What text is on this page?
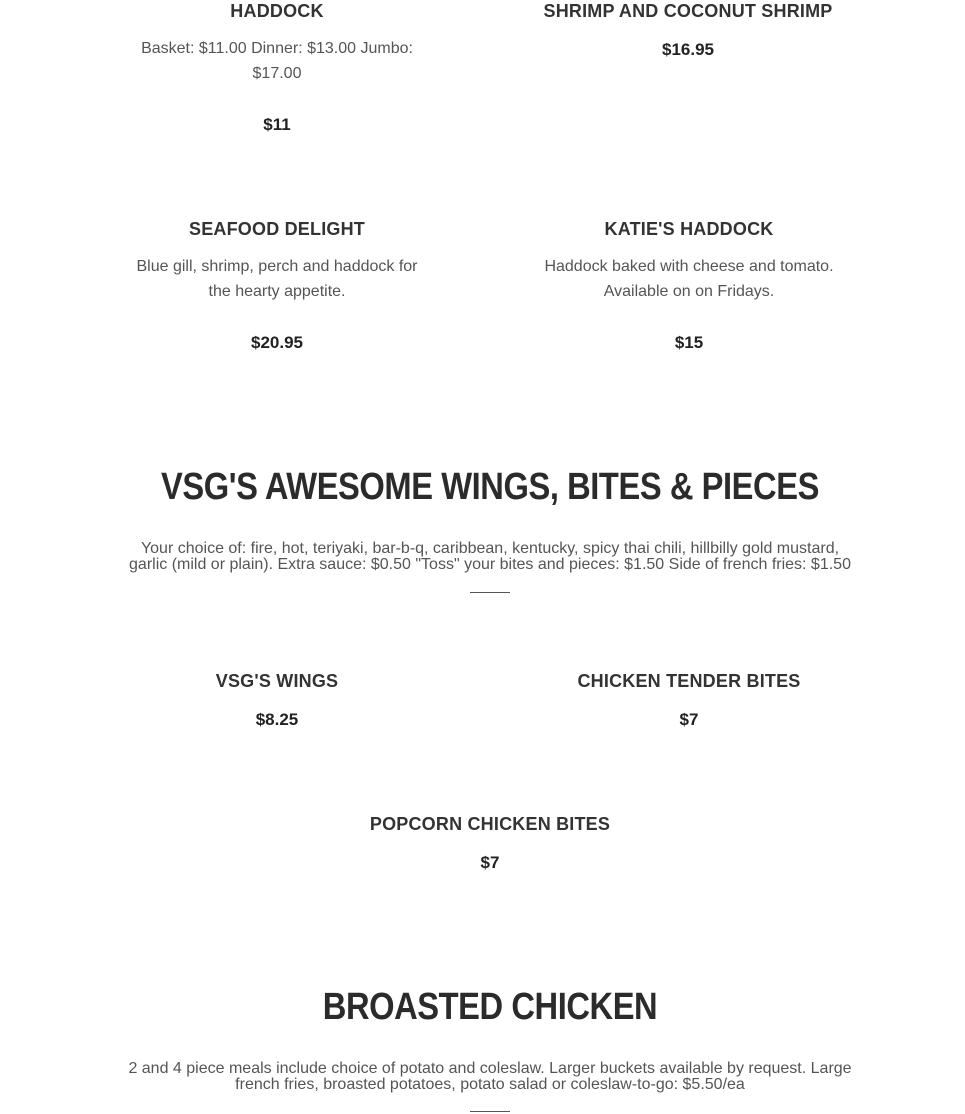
HADDOCK
Basket: $11.00 Dinner: $13.00 Jumbo: $17.00
$11
SHRIMP AND COCONUT SHRIMP
$16.95
SEAFOOD DELIGHT
Blue gill, shrimp, perch and haddock for the hearty appetite.
$20.95
KATIE'S HADDOCK
Haddock baked with cheese and tomato. Available on on Fridays.
$15
VSG'S AWESOME WINGS, BITES & PIECES
Your choice of: fire, hot, teriyaki, bar-b-q, caribbean, kentucky, spicy thai chili, hillbilly gold mustard, garlic (mild or plain). Extra sauce: $0.50 "Toss" your bites and pieces: $1.50 Side of french fries: $1.50
VSG'S WINGS
$8.25
CHICKEN TENDER BITES
$7
POPCORN CHICKEN BITES
$7
BROASTED CHICKEN
2 and 4 piece meals include choice of potato and coleslaw. Larger buckets available by request. Large french fries, broasted potatoes, potato salad or coleslaw-to-go: $5.50/ea
